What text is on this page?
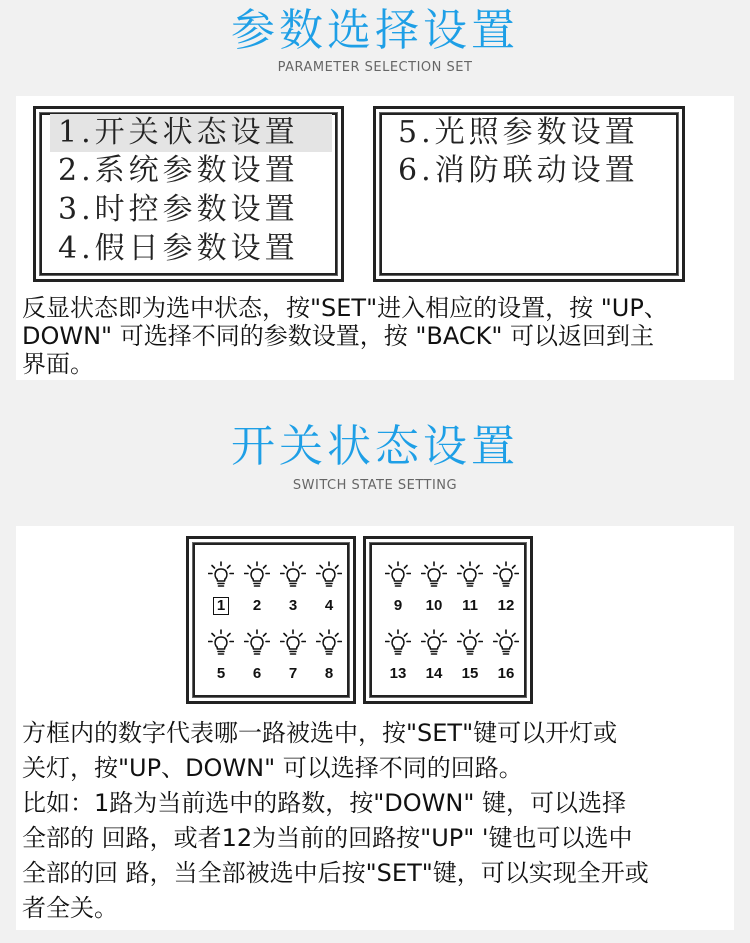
参数选择设置
PARAMETER SELECTION SET
1.开关状态设置
2.系统参数设置
3.时控参数设置
4.假日参数设置
5.光照参数设置
6.消防联动设置
反显状态即为选中状态，按"SET"进入相应的设置，按 "UP、
DOWN" 可选择不同的参数设置，按 "BACK" 可以返回到主
界面。
开关状态设置
SWITCH STATE SETTING
1	2	3	4
5	6	7	8
9	10	11	12
13	14	15	16
方框内的数字代表哪一路被选中，按"SET"键可以开灯或
关灯，按"UP、DOWN" 可以选择不同的回路。
比如：1路为当前选中的路数，按"DOWN" 键，可以选择
全部的 回路，或者12为当前的回路按"UP" '键也可以选中
全部的回 路，当全部被选中后按"SET"键，可以实现全开或
者全关。
